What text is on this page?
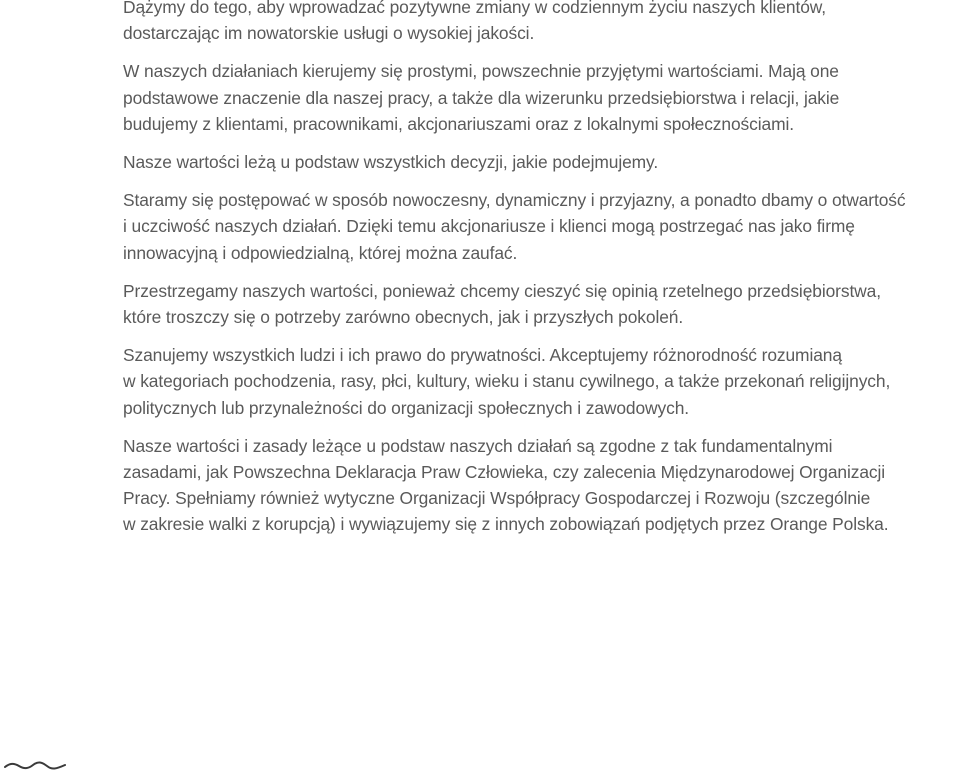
Dążymy do tego, aby wprowadzać pozytywne zmiany w codziennym życiu naszych klientów,
dostarczając im nowatorskie usługi o wysokiej jakości.

W naszych działaniach kierujemy się prostymi, powszechnie przyjętymi wartościami. Mają one
podstawowe znaczenie dla naszej pracy, a także dla wizerunku przedsiębiorstwa i relacji, jakie
budujemy z klientami, pracownikami, akcjonariuszami oraz z lokalnymi społecznościami.

Nasze wartości leżą u podstaw wszystkich decyzji, jakie podejmujemy.

Staramy się postępować w sposób nowoczesny, dynamiczny i przyjazny, a ponadto dbamy o otwartość
i uczciwość naszych działań. Dzięki temu akcjonariusze i klienci mogą postrzegać nas jako firmę
innowacyjną i odpowiedzialną, której można zaufać.

Przestrzegamy naszych wartości, ponieważ chcemy cieszyć się opinią rzetelnego przedsiębiorstwa,
które troszczy się o potrzeby zarówno obecnych, jak i przyszłych pokoleń.

Szanujemy wszystkich ludzi i ich prawo do prywatności. Akceptujemy różnorodność rozumianą
w kategoriach pochodzenia, rasy, płci, kultury, wieku i stanu cywilnego, a także przekonań religijnych,
politycznych lub przynależności do organizacji społecznych i zawodowych.

Nasze wartości i zasady leżące u podstaw naszych działań są zgodne z tak fundamentalnymi
zasadami, jak Powszechna Deklaracja Praw Człowieka, czy zalecenia Międzynarodowej Organizacji
Pracy. Spełniamy również wytyczne Organizacji Współpracy Gospodarczej i Rozwoju (szczególnie
w zakresie walki z korupcją) i wywiązujemy się z innych zobowiązań podjętych przez Orange Polska.
